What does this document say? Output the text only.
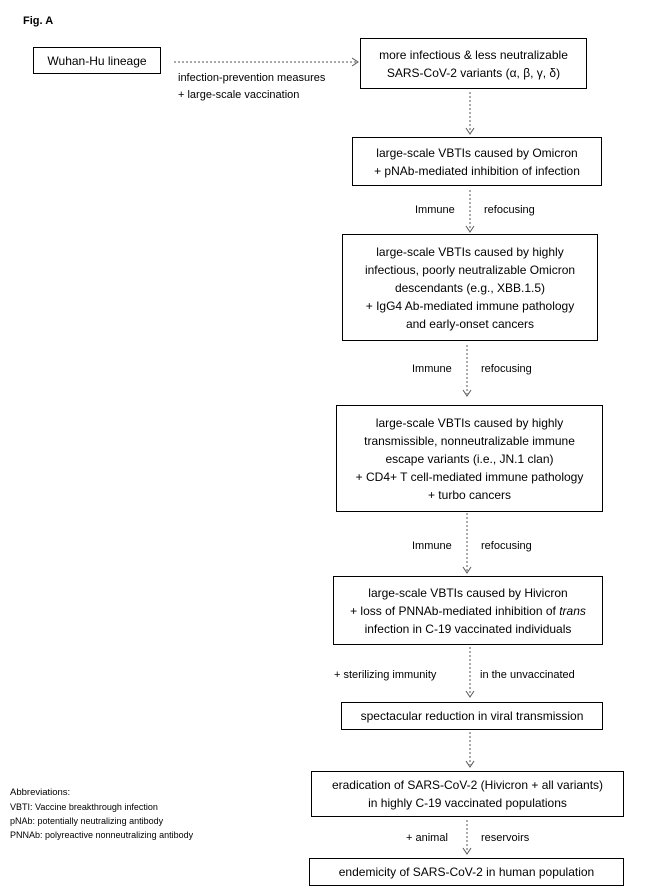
Fig. A
Wuhan-Hu lineage	more infectious & less neutralizable
SARS-CoV-2 variants (α, β, γ, δ)
large-scale VBTIs caused by Omicron
+ pNAb-mediated inhibition of infection
large-scale VBTIs caused by highly
infectious, poorly neutralizable Omicron
descendants (e.g., XBB.1.5)
+ IgG4 Ab-mediated immune pathology
and early-onset cancers
large-scale VBTIs caused by highly
transmissible, nonneutralizable immune
escape variants (i.e., JN.1 clan)
+ CD4+ T cell-mediated immune pathology
+ turbo cancers
large-scale VBTIs caused by Hivicron
+ loss of PNNAb-mediated inhibition of trans
infection in C-19 vaccinated individuals
spectacular reduction in viral transmission
eradication of SARS-CoV-2 (Hivicron + all variants)
in highly C-19 vaccinated populations
endemicity of SARS-CoV-2 in human population
infection-prevention measures
+ large-scale vaccination
Immune	refocusing
Immune	refocusing
Immune	refocusing
+ sterilizing immunity	in the unvaccinated
+ animal	reservoirs
Abbreviations:
VBTI: Vaccine breakthrough infection
pNAb: potentially neutralizing antibody
PNNAb: polyreactive nonneutralizing antibody
